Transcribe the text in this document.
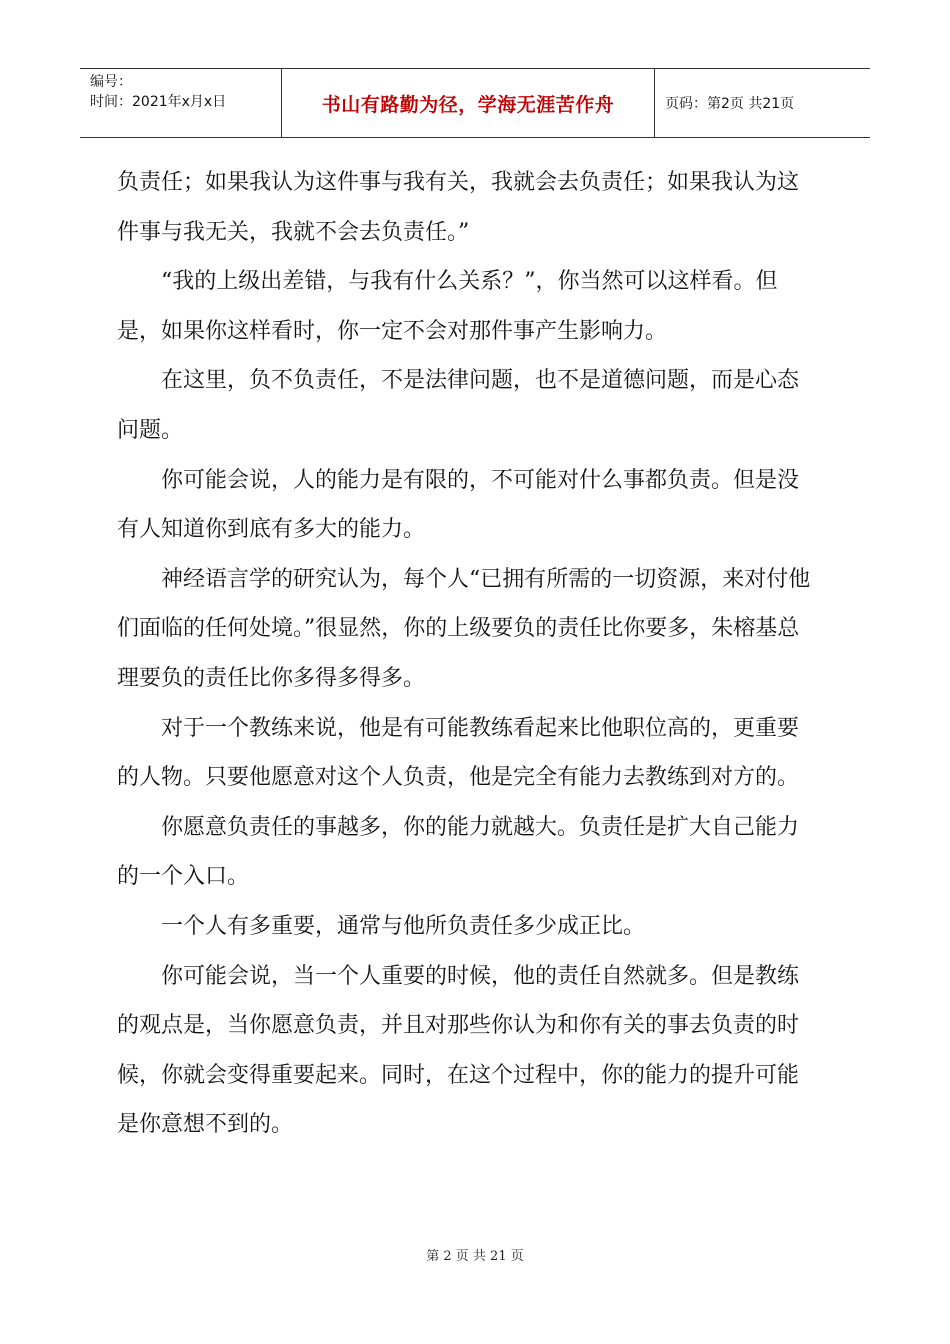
编号：
时间：2021年x月x日	书山有路勤为径，学海无涯苦作舟	页码：第2页 共21页

负责任；如果我认为这件事与我有关，我就会去负责任；如果我认为这件事与我无关，我就不会去负责任。”

　　“我的上级出差错，与我有什么关系？”，你当然可以这样看。但是，如果你这样看时，你一定不会对那件事产生影响力。

　　在这里，负不负责任，不是法律问题，也不是道德问题，而是心态问题。

　　你可能会说，人的能力是有限的，不可能对什么事都负责。但是没有人知道你到底有多大的能力。

　　神经语言学的研究认为，每个人“已拥有所需的一切资源，来对付他们面临的任何处境。”很显然，你的上级要负的责任比你要多，朱榕基总理要负的责任比你多得多得多。

　　对于一个教练来说，他是有可能教练看起来比他职位高的，更重要的人物。只要他愿意对这个人负责，他是完全有能力去教练到对方的。

　　你愿意负责任的事越多，你的能力就越大。负责任是扩大自己能力的一个入口。

　　一个人有多重要，通常与他所负责任多少成正比。

　　你可能会说，当一个人重要的时候，他的责任自然就多。但是教练的观点是，当你愿意负责，并且对那些你认为和你有关的事去负责的时候，你就会变得重要起来。同时，在这个过程中，你的能力的提升可能是你意想不到的。

第 2 页 共 21 页
